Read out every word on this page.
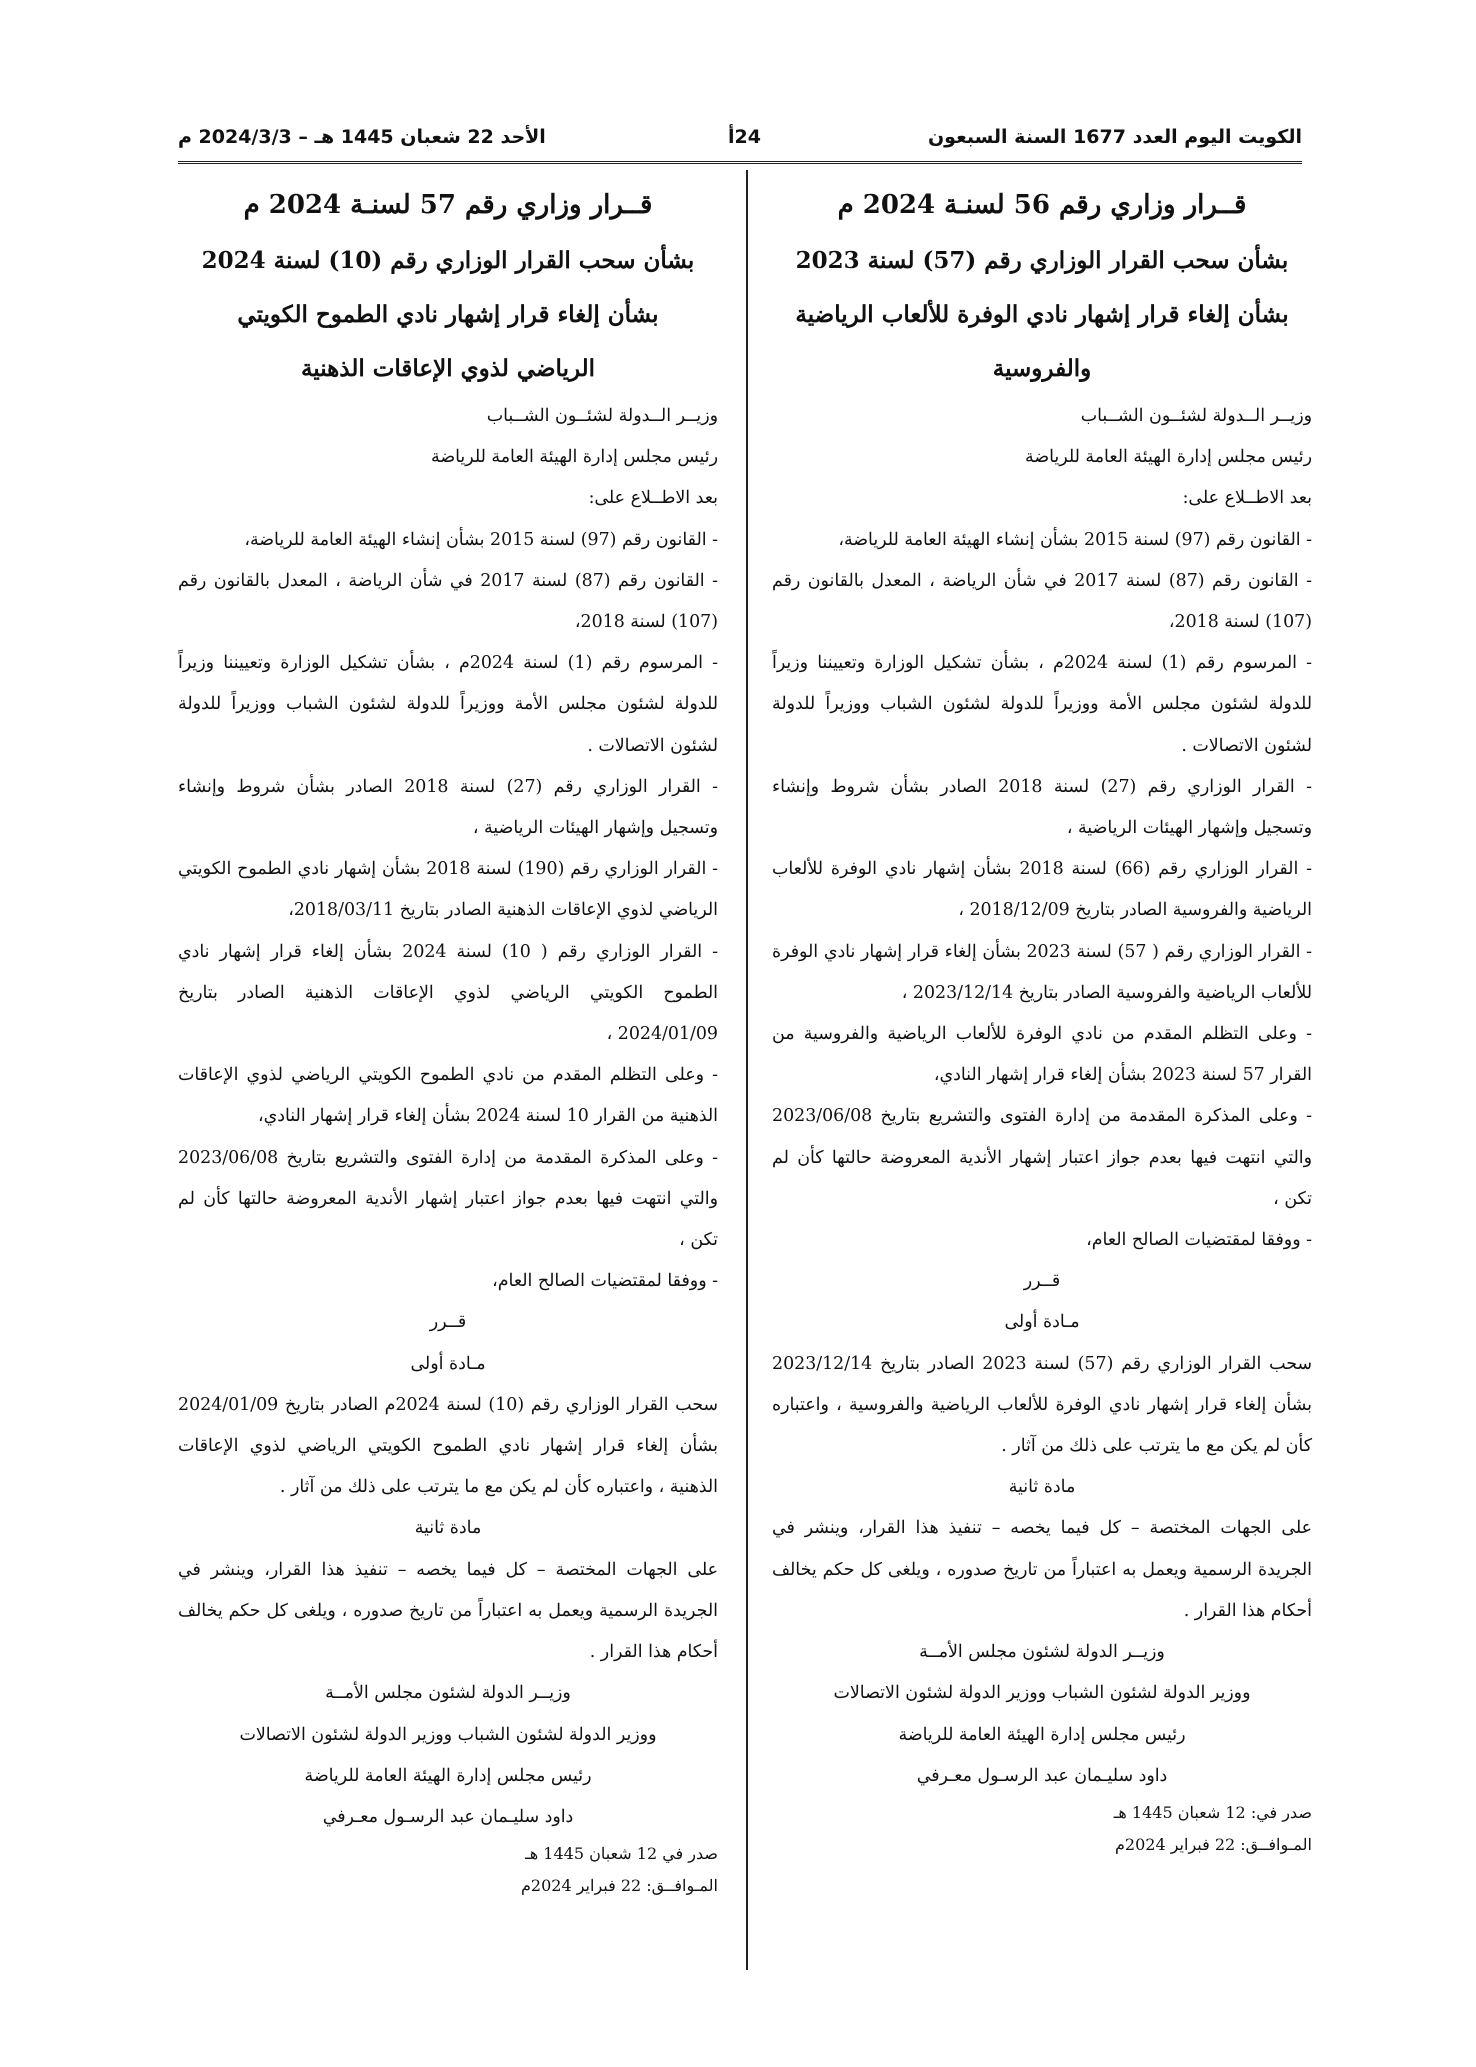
الكويت اليوم العدد 1677 السنة السبعون
24أ
الأحد 22 شعبان 1445 هـ – 2024/3/3 م

قــرار وزاري رقم 56 لسنـة 2024 م

بشأن سحب القرار الوزاري رقم (57) لسنة 2023

بشأن إلغاء قرار إشهار نادي الوفرة للألعاب الرياضية

والفروسية

وزيــر الــدولة لشئــون الشــباب

رئيس مجلس إدارة الهيئة العامة للرياضة

بعد الاطــلاع على:

- القانون رقم (97) لسنة 2015 بشأن إنشاء الهيئة العامة للرياضة،

- القانون رقم (87) لسنة 2017 في شأن الرياضة ، المعدل بالقانون رقم (107) لسنة 2018،

- المرسوم رقم (1) لسنة 2024م ، بشأن تشكيل الوزارة وتعييننا وزيراً للدولة لشئون مجلس الأمة ووزيراً للدولة لشئون الشباب ووزيراً للدولة لشئون الاتصالات .

- القرار الوزاري رقم (27) لسنة 2018 الصادر بشأن شروط وإنشاء وتسجيل وإشهار الهيئات الرياضية ،

- القرار الوزاري رقم (66) لسنة 2018 بشأن إشهار نادي الوفرة للألعاب الرياضية والفروسية الصادر بتاريخ 2018/12/09 ،

- القرار الوزاري رقم ( 57) لسنة 2023 بشأن إلغاء قرار إشهار نادي الوفرة للألعاب الرياضية والفروسية الصادر بتاريخ 2023/12/14 ،

- وعلى التظلم المقدم من نادي الوفرة للألعاب الرياضية والفروسية من القرار 57 لسنة 2023 بشأن إلغاء قرار إشهار النادي،

- وعلى المذكرة المقدمة من إدارة الفتوى والتشريع بتاريخ 2023/06/08 والتي انتهت فيها بعدم جواز اعتبار إشهار الأندية المعروضة حالتها كأن لم تكن ،

- ووفقا لمقتضيات الصالح العام،

قــرر

مـادة أولى

سحب القرار الوزاري رقم (57) لسنة 2023 الصادر بتاريخ 2023/12/14 بشأن إلغاء قرار إشهار نادي الوفرة للألعاب الرياضية والفروسية ، واعتباره كأن لم يكن مع ما يترتب على ذلك من آثار .

مادة ثانية

على الجهات المختصة – كل فيما يخصه – تنفيذ هذا القرار، وينشر في الجريدة الرسمية ويعمل به اعتباراً من تاريخ صدوره ، ويلغى كل حكم يخالف أحكام هذا القرار .

وزيــر الدولة لشئون مجلس الأمــة

ووزير الدولة لشئون الشباب ووزير الدولة لشئون الاتصالات

رئيس مجلس إدارة الهيئة العامة للرياضة

داود سليـمان عبد الرسـول معـرفي

صدر في: 12 شعبان 1445 هـ

المـوافــق: 22 فبراير 2024م

قــرار وزاري رقم 57 لسنـة 2024 م

بشأن سحب القرار الوزاري رقم (10) لسنة 2024

بشأن إلغاء قرار إشهار نادي الطموح الكويتي

الرياضي لذوي الإعاقات الذهنية

وزيــر الــدولة لشئــون الشــباب

رئيس مجلس إدارة الهيئة العامة للرياضة

بعد الاطــلاع على:

- القانون رقم (97) لسنة 2015 بشأن إنشاء الهيئة العامة للرياضة،

- القانون رقم (87) لسنة 2017 في شأن الرياضة ، المعدل بالقانون رقم (107) لسنة 2018،

- المرسوم رقم (1) لسنة 2024م ، بشأن تشكيل الوزارة وتعييننا وزيراً للدولة لشئون مجلس الأمة ووزيراً للدولة لشئون الشباب ووزيراً للدولة لشئون الاتصالات .

- القرار الوزاري رقم (27) لسنة 2018 الصادر بشأن شروط وإنشاء وتسجيل وإشهار الهيئات الرياضية ،

- القرار الوزاري رقم (190) لسنة 2018 بشأن إشهار نادي الطموح الكويتي الرياضي لذوي الإعاقات الذهنية الصادر بتاريخ 2018/03/11،

- القرار الوزاري رقم ( 10) لسنة 2024 بشأن إلغاء قرار إشهار نادي الطموح الكويتي الرياضي لذوي الإعاقات الذهنية الصادر بتاريخ 2024/01/09 ،

- وعلى التظلم المقدم من نادي الطموح الكويتي الرياضي لذوي الإعاقات الذهنية من القرار 10 لسنة 2024 بشأن إلغاء قرار إشهار النادي،

- وعلى المذكرة المقدمة من إدارة الفتوى والتشريع بتاريخ 2023/06/08 والتي انتهت فيها بعدم جواز اعتبار إشهار الأندية المعروضة حالتها كأن لم تكن ،

- ووفقا لمقتضيات الصالح العام،

قــرر

مـادة أولى

سحب القرار الوزاري رقم (10) لسنة 2024م الصادر بتاريخ 2024/01/09 بشأن إلغاء قرار إشهار نادي الطموح الكويتي الرياضي لذوي الإعاقات الذهنية ، واعتباره كأن لم يكن مع ما يترتب على ذلك من آثار .

مادة ثانية

على الجهات المختصة – كل فيما يخصه – تنفيذ هذا القرار، وينشر في الجريدة الرسمية ويعمل به اعتباراً من تاريخ صدوره ، ويلغى كل حكم يخالف أحكام هذا القرار .

وزيــر الدولة لشئون مجلس الأمــة

ووزير الدولة لشئون الشباب ووزير الدولة لشئون الاتصالات

رئيس مجلس إدارة الهيئة العامة للرياضة

داود سليـمان عبد الرسـول معـرفي

صدر في 12 شعبان 1445 هـ

المـوافــق: 22 فبراير 2024م
